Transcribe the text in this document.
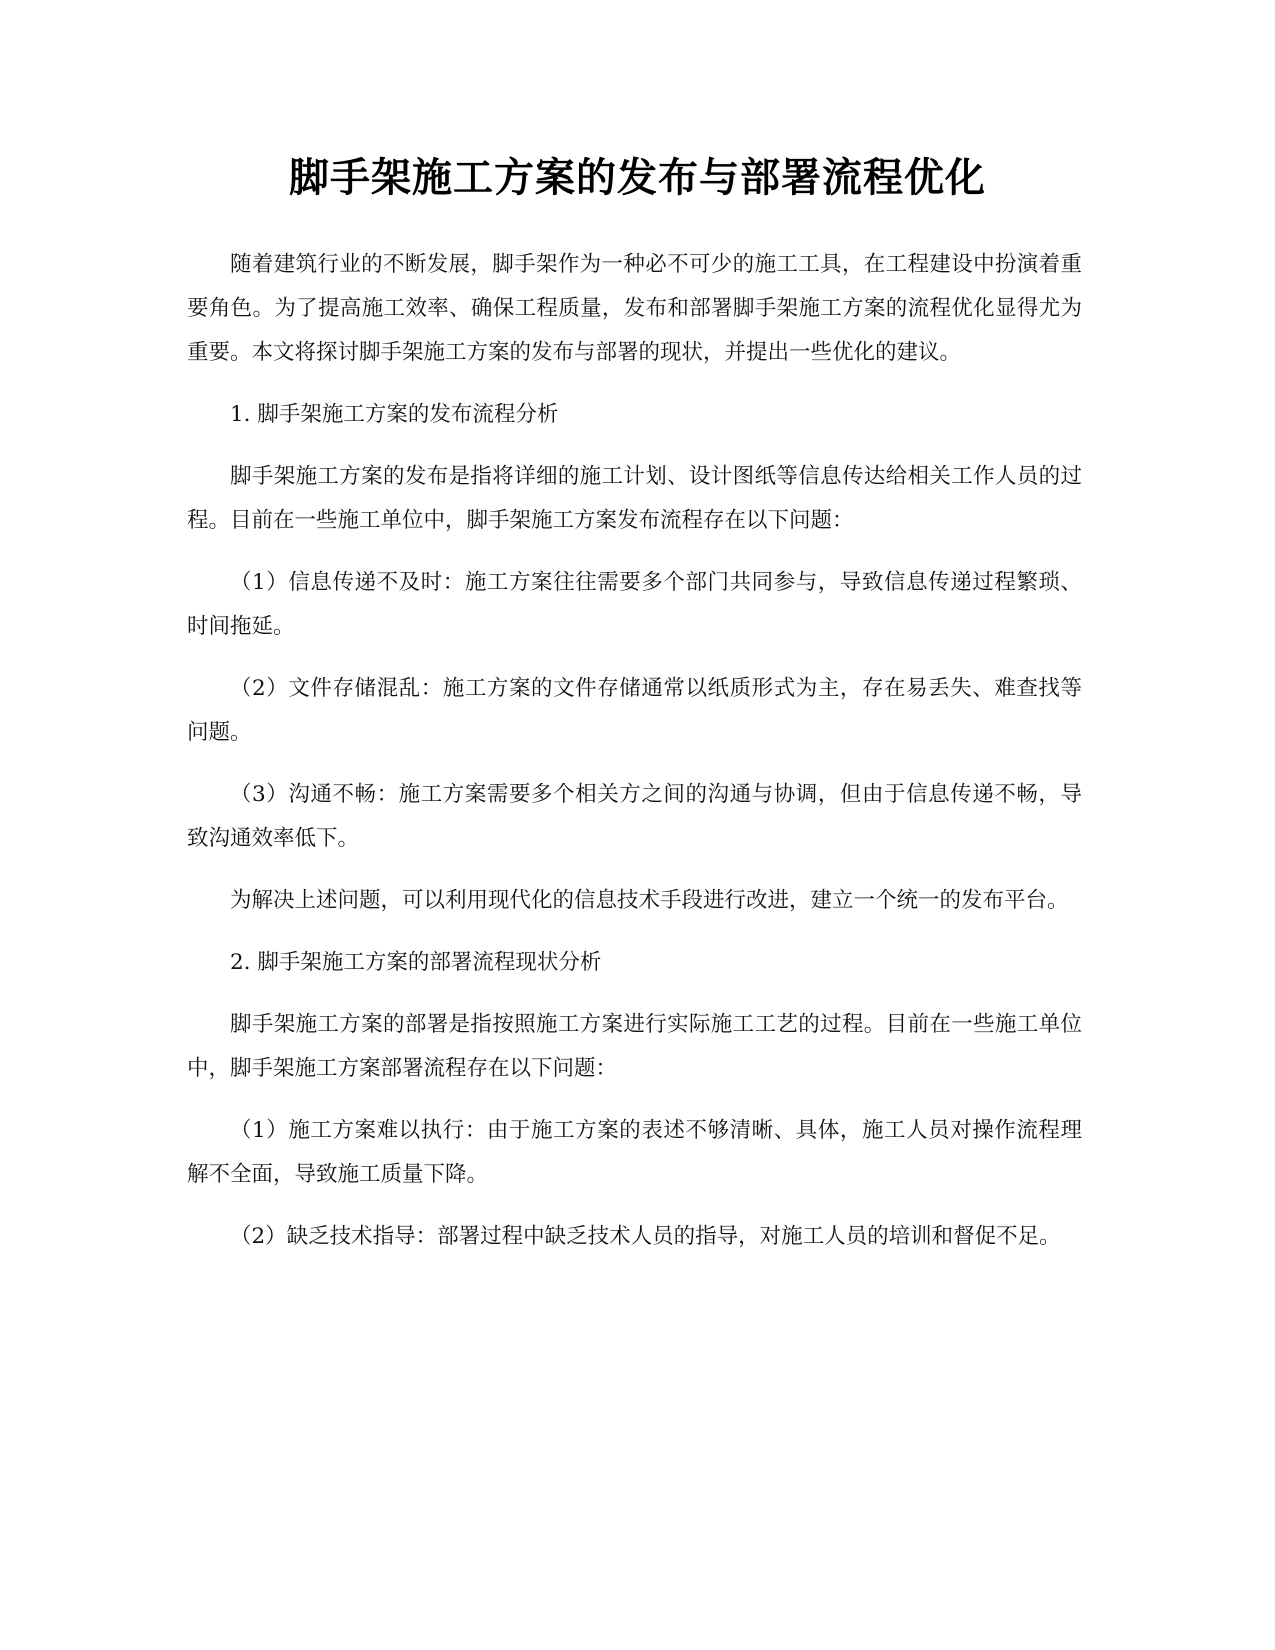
脚手架施工方案的发布与部署流程优化

随着建筑行业的不断发展，脚手架作为一种必不可少的施工工具，在工程建设中扮演着重要角色。为了提高施工效率、确保工程质量，发布和部署脚手架施工方案的流程优化显得尤为重要。本文将探讨脚手架施工方案的发布与部署的现状，并提出一些优化的建议。

1. 脚手架施工方案的发布流程分析

脚手架施工方案的发布是指将详细的施工计划、设计图纸等信息传达给相关工作人员的过程。目前在一些施工单位中，脚手架施工方案发布流程存在以下问题：

（1）信息传递不及时：施工方案往往需要多个部门共同参与，导致信息传递过程繁琐、时间拖延。

（2）文件存储混乱：施工方案的文件存储通常以纸质形式为主，存在易丢失、难查找等问题。

（3）沟通不畅：施工方案需要多个相关方之间的沟通与协调，但由于信息传递不畅，导致沟通效率低下。

为解决上述问题，可以利用现代化的信息技术手段进行改进，建立一个统一的发布平台。

2. 脚手架施工方案的部署流程现状分析

脚手架施工方案的部署是指按照施工方案进行实际施工工艺的过程。目前在一些施工单位中，脚手架施工方案部署流程存在以下问题：

（1）施工方案难以执行：由于施工方案的表述不够清晰、具体，施工人员对操作流程理解不全面，导致施工质量下降。

（2）缺乏技术指导：部署过程中缺乏技术人员的指导，对施工人员的培训和督促不足。
